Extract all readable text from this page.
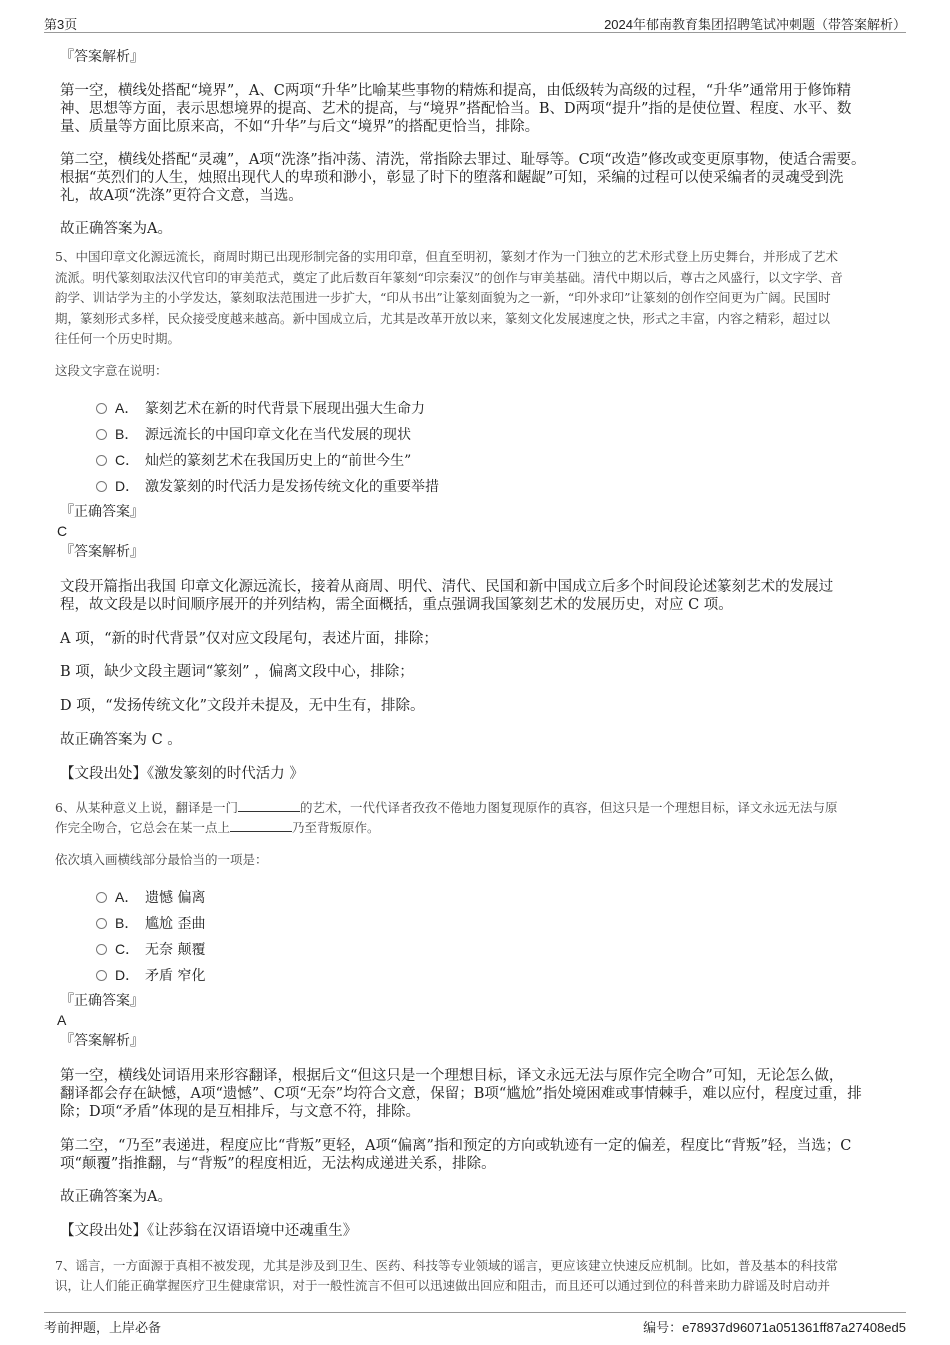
第3页	2024年郁南教育集团招聘笔试冲刺题（带答案解析）
『答案解析』
第一空，横线处搭配“境界”，A、C两项“升华”比喻某些事物的精炼和提高，由低级转为高级的过程，“升华”通常用于修饰精
神、思想等方面，表示思想境界的提高、艺术的提高，与“境界”搭配恰当。B、D两项“提升”指的是使位置、程度、水平、数
量、质量等方面比原来高，不如“升华”与后文“境界”的搭配更恰当，排除。
第二空，横线处搭配“灵魂”，A项“洗涤”指冲荡、清洗，常指除去罪过、耻辱等。C项“改造”修改或变更原事物，使适合需要。
根据“英烈们的人生，烛照出现代人的卑琐和渺小，彰显了时下的堕落和龌龊”可知，采编的过程可以使采编者的灵魂受到洗
礼，故A项“洗涤”更符合文意，当选。
故正确答案为A。
5、中国印章文化源远流长，商周时期已出现形制完备的实用印章，但直至明初，篆刻才作为一门独立的艺术形式登上历史舞台，并形成了艺术
流派。明代篆刻取法汉代官印的审美范式，奠定了此后数百年篆刻“印宗秦汉”的创作与审美基础。清代中期以后，尊古之风盛行，以文字学、音
韵学、训诂学为主的小学发达，篆刻取法范围进一步扩大，“印从书出”让篆刻面貌为之一新，“印外求印”让篆刻的创作空间更为广阔。民国时
期，篆刻形式多样，民众接受度越来越高。新中国成立后，尤其是改革开放以来，篆刻文化发展速度之快，形式之丰富，内容之精彩，超过以
往任何一个历史时期。
这段文字意在说明：
A． 篆刻艺术在新的时代背景下展现出强大生命力
B． 源远流长的中国印章文化在当代发展的现状
C． 灿烂的篆刻艺术在我国历史上的“前世今生”
D． 激发篆刻的时代活力是发扬传统文化的重要举措
『正确答案』
C
『答案解析』
文段开篇指出我国 印章文化源远流长，接着从商周、明代、清代、民国和新中国成立后多个时间段论述篆刻艺术的发展过
程，故文段是以时间顺序展开的并列结构，需全面概括，重点强调我国篆刻艺术的发展历史，对应 C 项。
A 项，“新的时代背景”仅对应文段尾句，表述片面，排除；
B 项，缺少文段主题词“篆刻” ，偏离文段中心，排除；
D 项，“发扬传统文化”文段并未提及，无中生有，排除。
故正确答案为 C 。
【文段出处】《激发篆刻的时代活力 》
6、从某种意义上说，翻译是一门	的艺术，一代代译者孜孜不倦地力图复现原作的真容，但这只是一个理想目标，译文永远无法与原
作完全吻合，它总会在某一点上	乃至背叛原作。
依次填入画横线部分最恰当的一项是：
A． 遗憾 偏离
B． 尴尬 歪曲
C． 无奈 颠覆
D． 矛盾 窄化
『正确答案』
A
『答案解析』
第一空，横线处词语用来形容翻译，根据后文“但这只是一个理想目标，译文永远无法与原作完全吻合”可知，无论怎么做，
翻译都会存在缺憾，A项“遗憾”、C项“无奈”均符合文意，保留；B项“尴尬”指处境困难或事情棘手，难以应付，程度过重，排
除；D项“矛盾”体现的是互相排斥，与文意不符，排除。
第二空，“乃至”表递进，程度应比“背叛”更轻，A项“偏离”指和预定的方向或轨迹有一定的偏差，程度比“背叛”轻，当选；C
项“颠覆”指推翻，与“背叛”的程度相近，无法构成递进关系，排除。
故正确答案为A。
【文段出处】《让莎翁在汉语语境中还魂重生》
7、谣言，一方面源于真相不被发现，尤其是涉及到卫生、医药、科技等专业领域的谣言，更应该建立快速反应机制。比如，普及基本的科技常
识，让人们能正确掌握医疗卫生健康常识，对于一般性流言不但可以迅速做出回应和阻击，而且还可以通过到位的科普来助力辟谣及时启动并
考前押题，上岸必备	编号：e78937d96071a051361ff87a27408ed5
